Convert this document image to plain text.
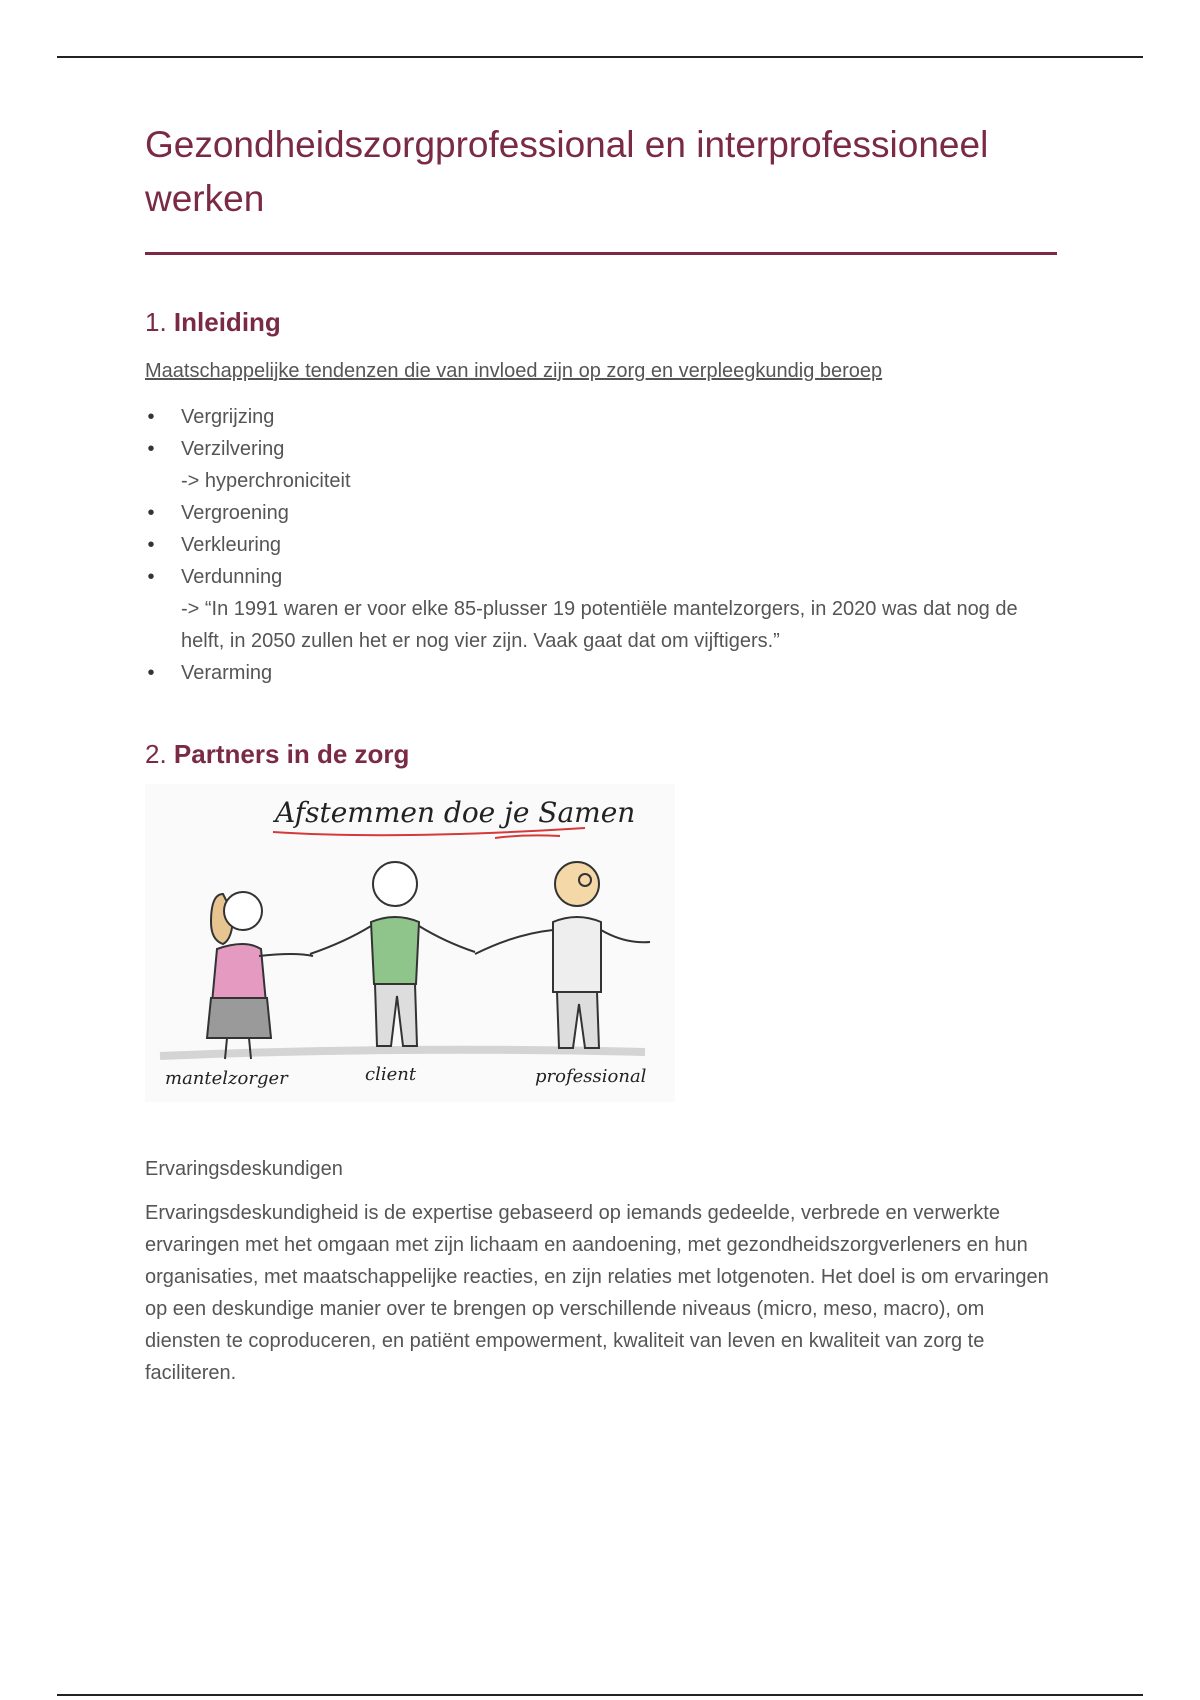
Gezondheidszorgprofessional en interprofessioneel werken
1. Inleiding
Maatschappelijke tendenzen die van invloed zijn op zorg en verpleegkundig beroep
• Vergrijzing
• Verzilvering
-> hyperchroniciteit
• Vergroening
• Verkleuring
• Verdunning
-> “In 1991 waren er voor elke 85-plusser 19 potentiële mantelzorgers, in 2020 was dat nog de helft, in 2050 zullen het er nog vier zijn. Vaak gaat dat om vijftigers.”
• Verarming
2. Partners in de zorg
Afstemmen doe je Samen
mantelzorger	client	professional
Ervaringsdeskundigen

Ervaringsdeskundigheid is de expertise gebaseerd op iemands gedeelde, verbrede en verwerkte ervaringen met het omgaan met zijn lichaam en aandoening, met gezondheidszorgverleners en hun organisaties, met maatschappelijke reacties, en zijn relaties met lotgenoten. Het doel is om ervaringen op een deskundige manier over te brengen op verschillende niveaus (micro, meso, macro), om diensten te coproduceren, en patiënt empowerment, kwaliteit van leven en kwaliteit van zorg te faciliteren.
